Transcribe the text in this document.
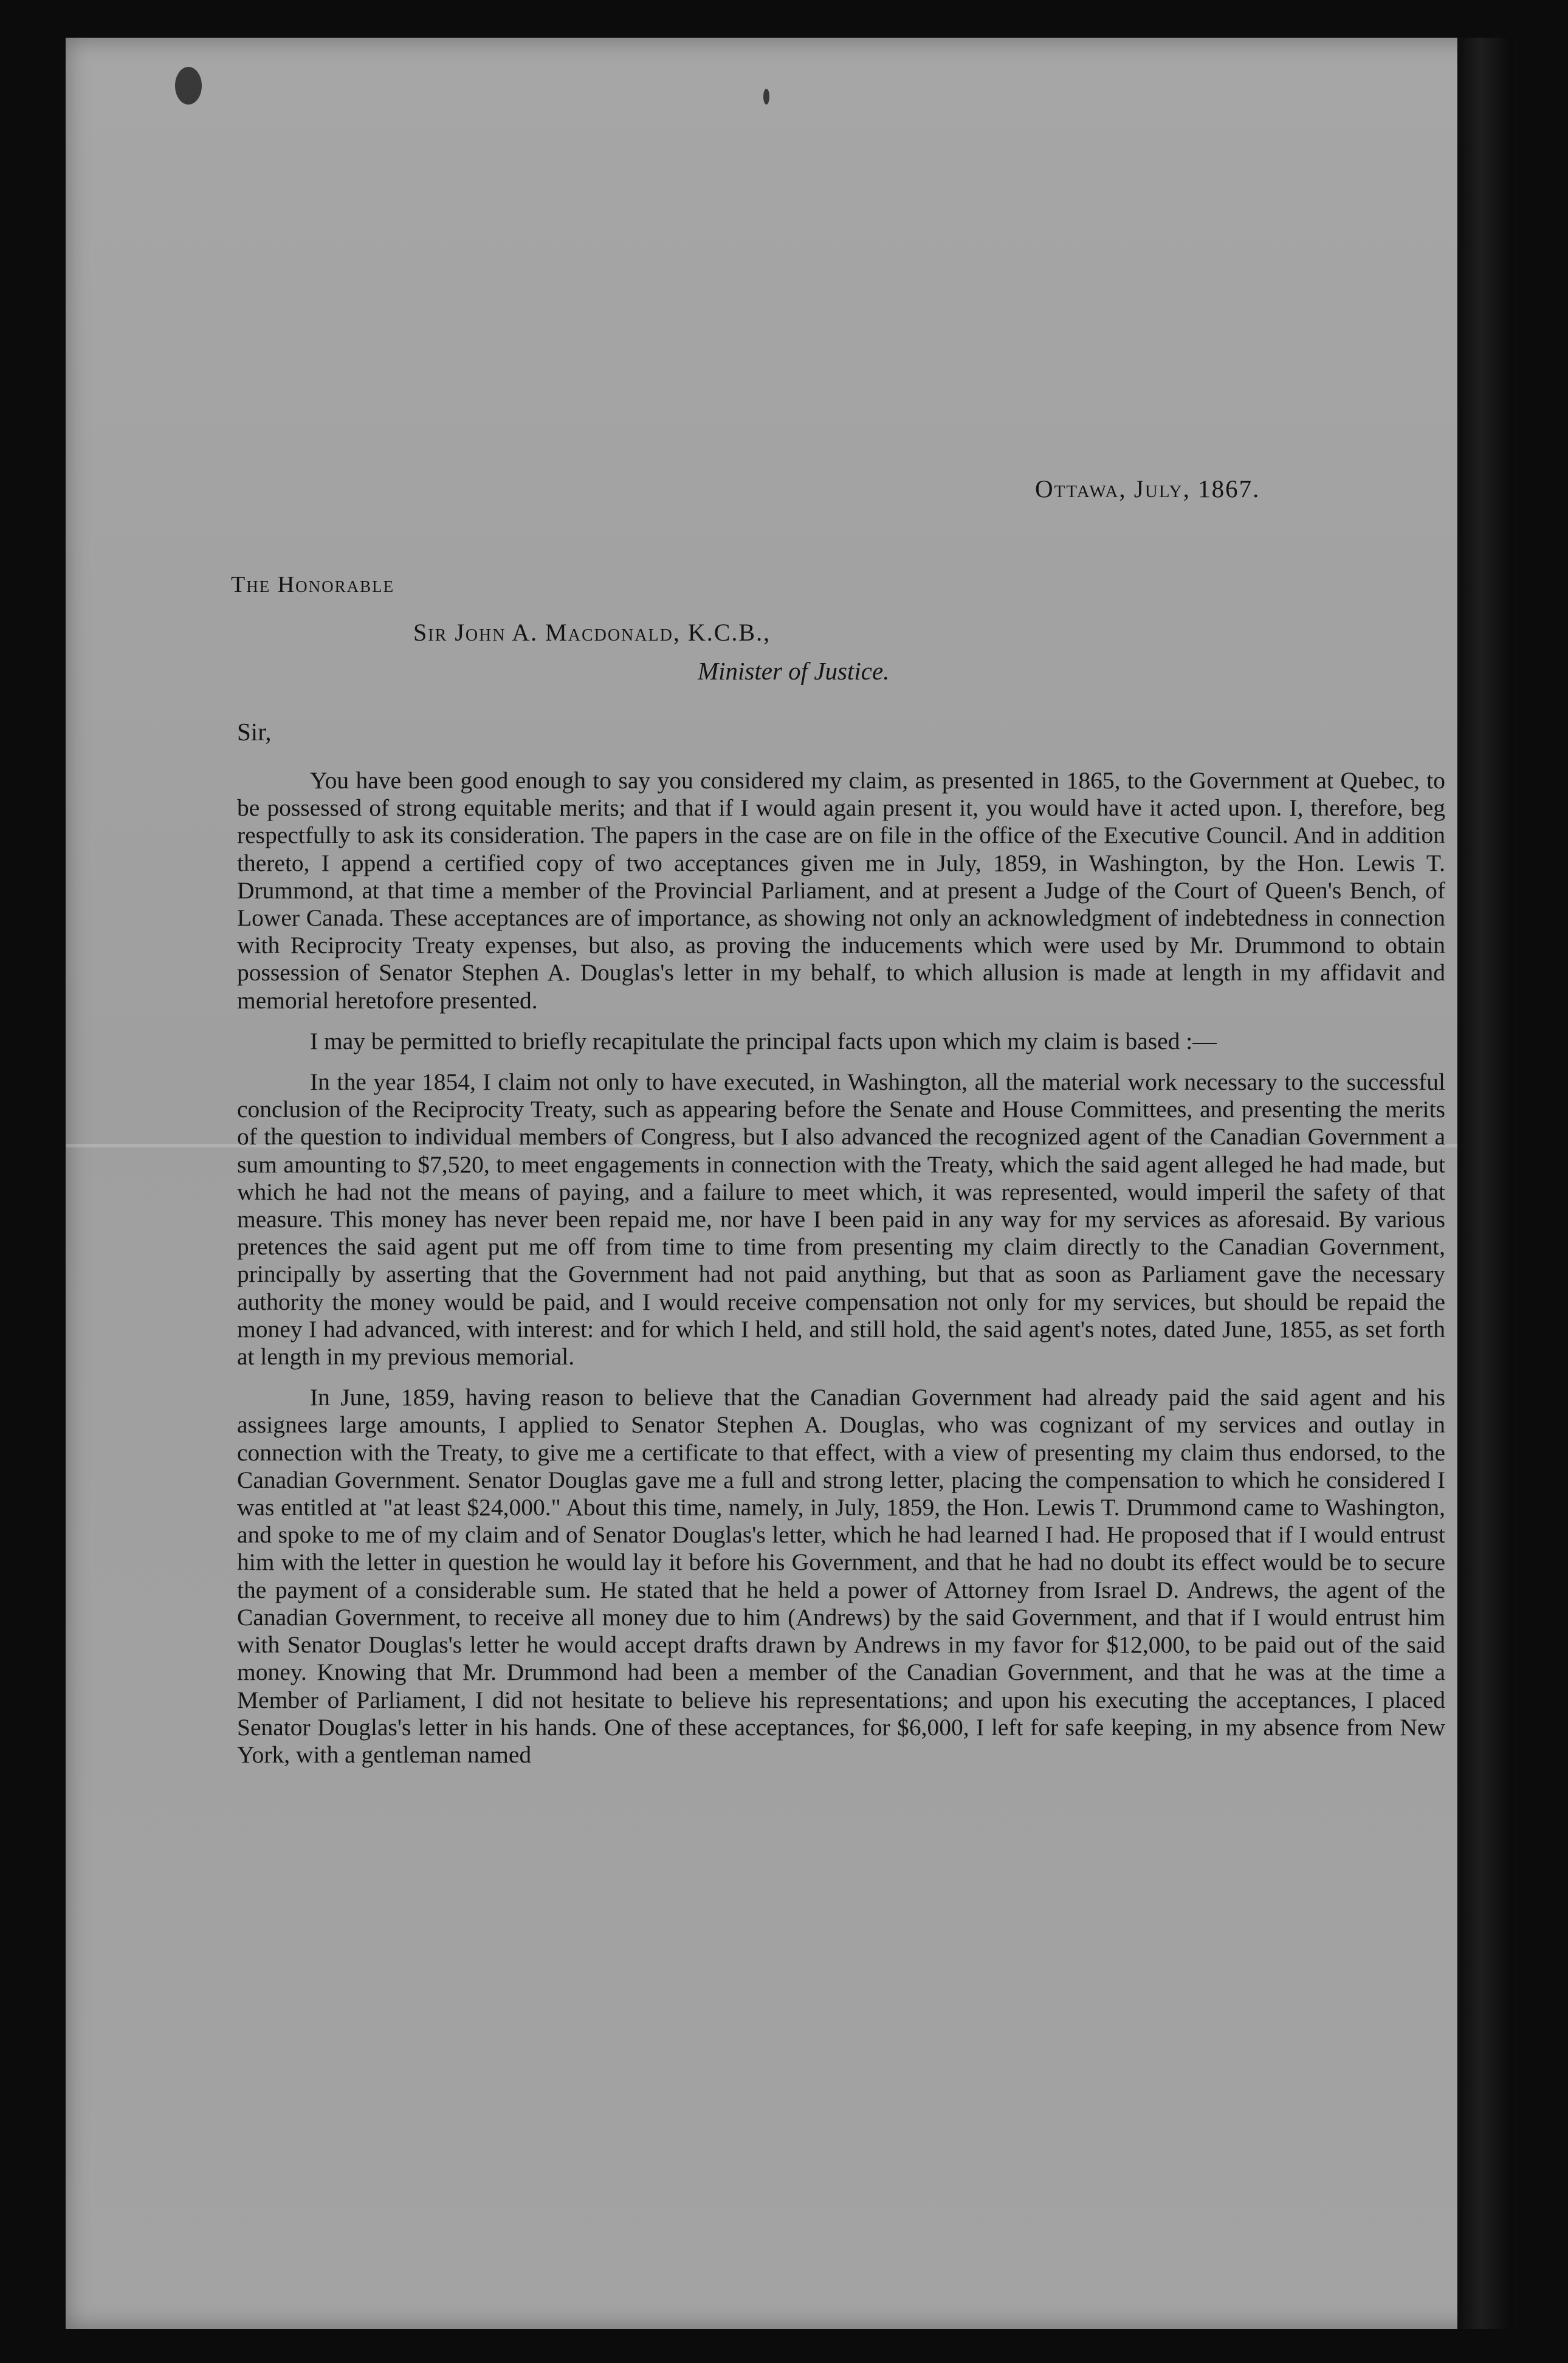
Ottawa, July, 1867.
The Honorable
Sir John A. Macdonald, K.C.B.,
Minister of Justice.
Sir,

You have been good enough to say you considered my claim, as presented in 1865, to the Government at Quebec, to be possessed of strong equitable merits; and that if I would again present it, you would have it acted upon. I, therefore, beg respectfully to ask its consideration. The papers in the case are on file in the office of the Executive Council. And in addition thereto, I append a certified copy of two acceptances given me in July, 1859, in Washington, by the Hon. Lewis T. Drummond, at that time a member of the Provincial Parliament, and at present a Judge of the Court of Queen's Bench, of Lower Canada. These acceptances are of importance, as showing not only an acknowledgment of indebtedness in connection with Reciprocity Treaty expenses, but also, as proving the inducements which were used by Mr. Drummond to obtain possession of Senator Stephen A. Douglas's letter in my behalf, to which allusion is made at length in my affidavit and memorial heretofore presented.

I may be permitted to briefly recapitulate the principal facts upon which my claim is based :—

In the year 1854, I claim not only to have executed, in Washington, all the material work necessary to the successful conclusion of the Reciprocity Treaty, such as appearing before the Senate and House Committees, and presenting the merits of the question to individual members of Congress, but I also advanced the recognized agent of the Canadian Government a sum amounting to $7,520, to meet engagements in connection with the Treaty, which the said agent alleged he had made, but which he had not the means of paying, and a failure to meet which, it was represented, would imperil the safety of that measure. This money has never been repaid me, nor have I been paid in any way for my services as aforesaid. By various pretences the said agent put me off from time to time from presenting my claim directly to the Canadian Government, principally by asserting that the Government had not paid anything, but that as soon as Parliament gave the necessary authority the money would be paid, and I would receive compensation not only for my services, but should be repaid the money I had advanced, with interest: and for which I held, and still hold, the said agent's notes, dated June, 1855, as set forth at length in my previous memorial.

In June, 1859, having reason to believe that the Canadian Government had already paid the said agent and his assignees large amounts, I applied to Senator Stephen A. Douglas, who was cognizant of my services and outlay in connection with the Treaty, to give me a certificate to that effect, with a view of presenting my claim thus endorsed, to the Canadian Government. Senator Douglas gave me a full and strong letter, placing the compensation to which he considered I was entitled at "at least $24,000." About this time, namely, in July, 1859, the Hon. Lewis T. Drummond came to Washington, and spoke to me of my claim and of Senator Douglas's letter, which he had learned I had. He proposed that if I would entrust him with the letter in question he would lay it before his Government, and that he had no doubt its effect would be to secure the payment of a considerable sum. He stated that he held a power of Attorney from Israel D. Andrews, the agent of the Canadian Government, to receive all money due to him (Andrews) by the said Government, and that if I would entrust him with Senator Douglas's letter he would accept drafts drawn by Andrews in my favor for $12,000, to be paid out of the said money. Knowing that Mr. Drummond had been a member of the Canadian Government, and that he was at the time a Member of Parliament, I did not hesitate to believe his representations; and upon his executing the acceptances, I placed Senator Douglas's letter in his hands. One of these acceptances, for $6,000, I left for safe keeping, in my absence from New York, with a gentleman named
